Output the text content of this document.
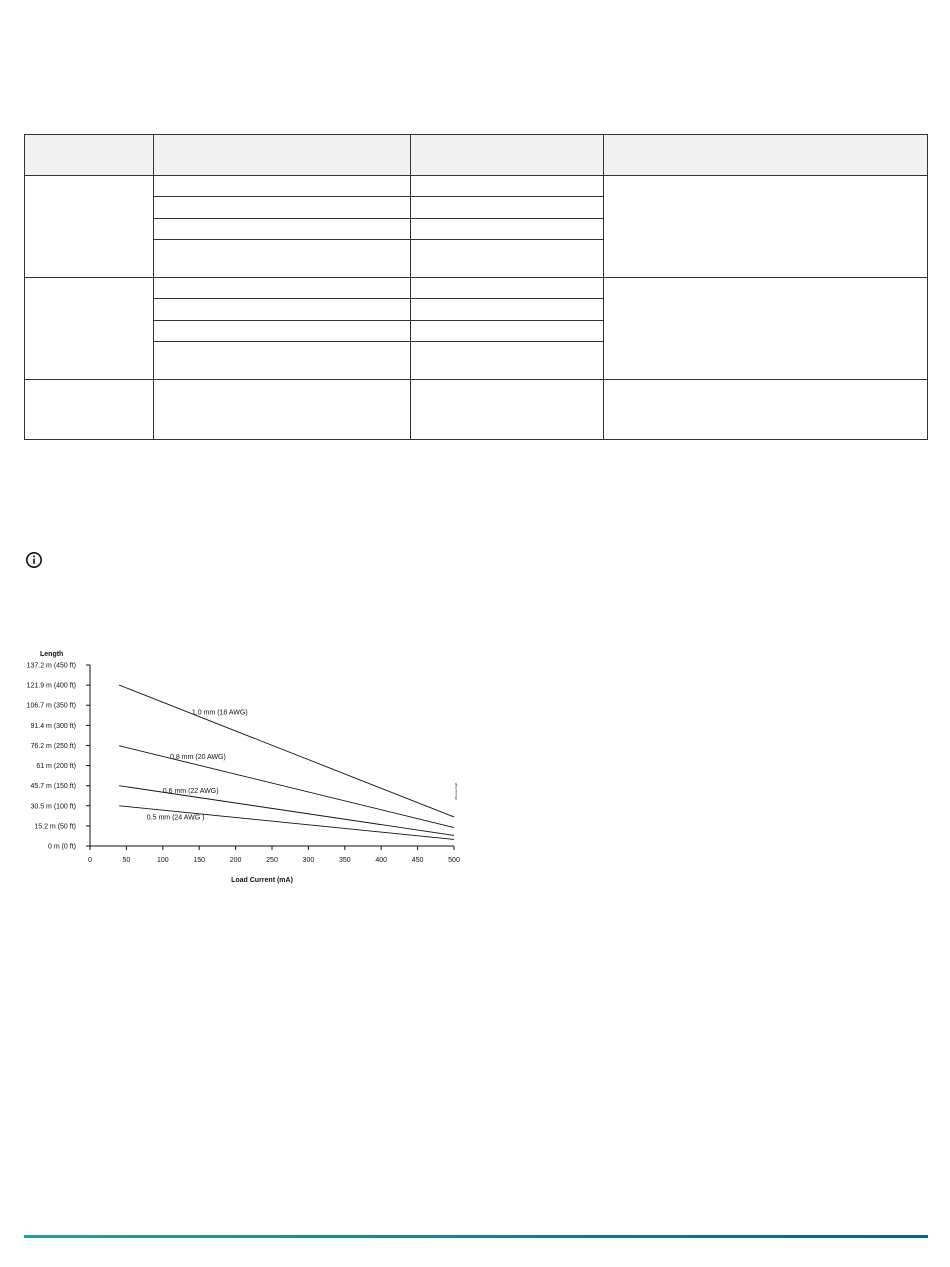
0 m (0 ft)
15.2 m (50 ft)
30.5 m (100 ft)
45.7 m (150 ft)
61 m (200 ft)
76.2 m (250 ft)
91.4 m (300 ft)
106.7 m (350 ft)
121.9 m (400 ft)
137.2 m (450 ft)
0	50	100	150	200	250	300	350	400	450	500
Length
Load Current (mA)
1.0 mm (18 AWG)
0.8 mm (20 AWG)
0.6 mm (22 AWG)
0.5 mm (24 AWG )
WI-xxxx-high
